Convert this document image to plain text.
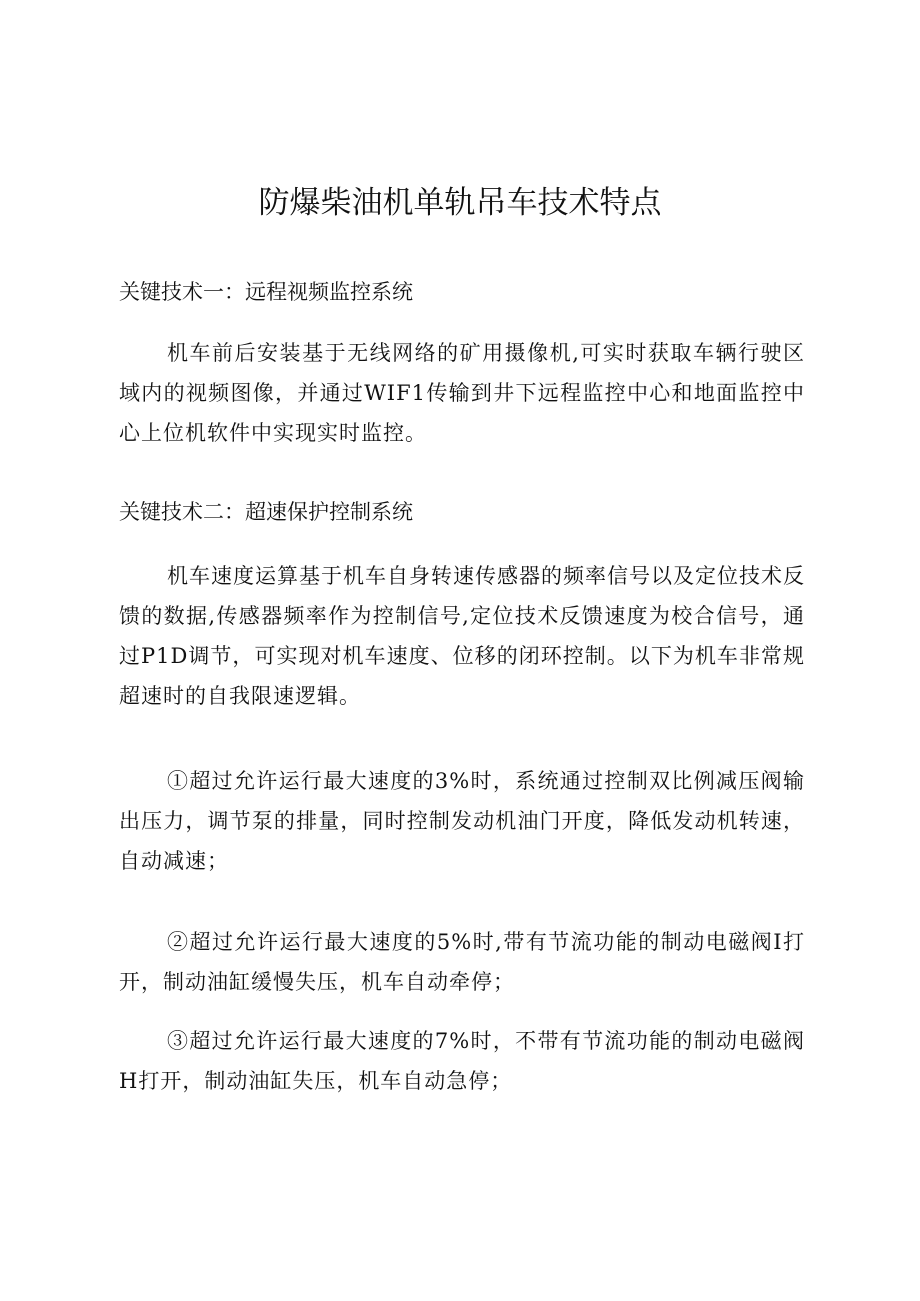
防爆柴油机单轨吊车技术特点
关键技术一：远程视频监控系统
机车前后安装基于无线网络的矿用摄像机,可实时获取车辆行驶区域内的视频图像，并通过WIF1传输到井下远程监控中心和地面监控中心上位机软件中实现实时监控。
关键技术二：超速保护控制系统
机车速度运算基于机车自身转速传感器的频率信号以及定位技术反馈的数据,传感器频率作为控制信号,定位技术反馈速度为校合信号，通过P1D调节，可实现对机车速度、位移的闭环控制。以下为机车非常规超速时的自我限速逻辑。
①超过允许运行最大速度的3%时，系统通过控制双比例减压阀输出压力，调节泵的排量，同时控制发动机油门开度，降低发动机转速，自动减速；
②超过允许运行最大速度的5%时,带有节流功能的制动电磁阀I打开，制动油缸缓慢失压，机车自动牵停；
③超过允许运行最大速度的7%时，不带有节流功能的制动电磁阀H打开，制动油缸失压，机车自动急停；
